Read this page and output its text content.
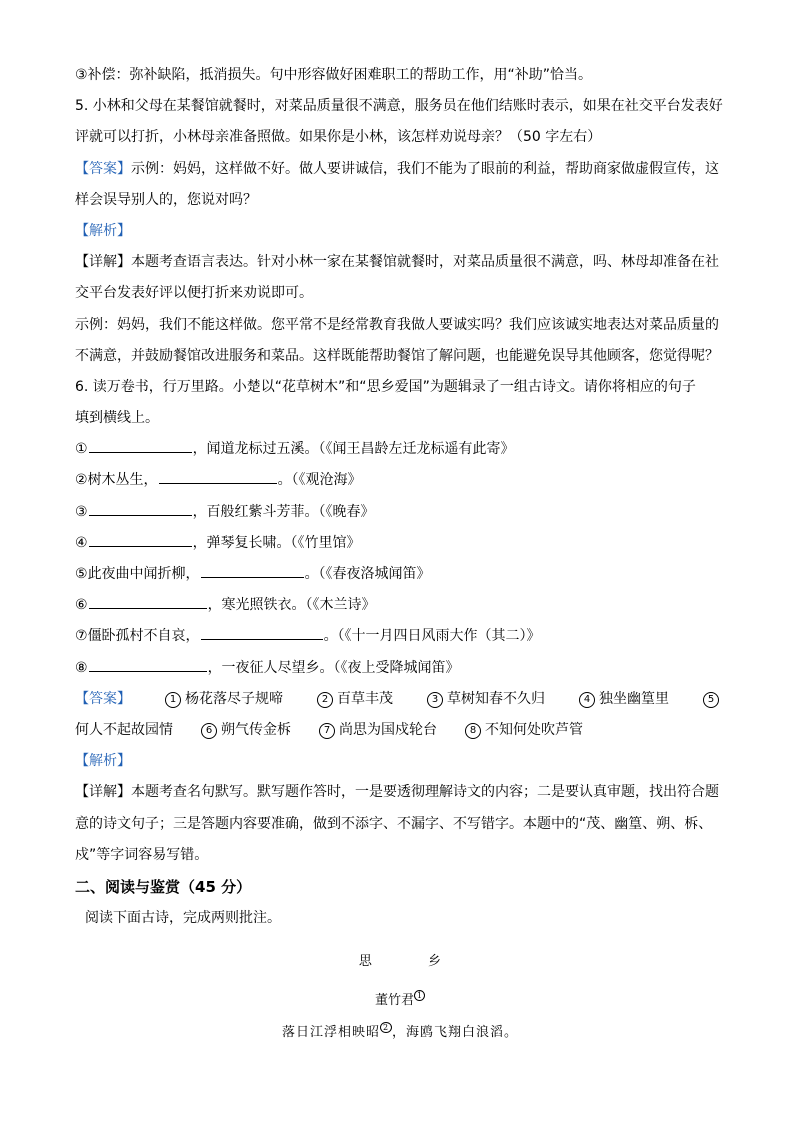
③补偿：弥补缺陷，抵消损失。句中形容做好困难职工的帮助工作，用“补助”恰当。
5. 小林和父母在某餐馆就餐时，对菜品质量很不满意，服务员在他们结账时表示，如果在社交平台发表好
评就可以打折，小林母亲准备照做。如果你是小林，该怎样劝说母亲？（50 字左右）
【答案】示例：妈妈，这样做不好。做人要讲诚信，我们不能为了眼前的利益，帮助商家做虚假宣传，这
样会误导别人的，您说对吗？
【解析】
【详解】本题考查语言表达。针对小林一家在某餐馆就餐时，对菜品质量很不满意，吗、林母却准备在社
交平台发表好评以便打折来劝说即可。
示例：妈妈，我们不能这样做。您平常不是经常教育我做人要诚实吗？我们应该诚实地表达对菜品质量的
不满意，并鼓励餐馆改进服务和菜品。这样既能帮助餐馆了解问题，也能避免误导其他顾客，您觉得呢？
6. 读万卷书，行万里路。小楚以“花草树木”和“思乡爱国”为题辑录了一组古诗文。请你将相应的句子
填到横线上。
①	，闻道龙标过五溪。（《闻王昌龄左迁龙标遥有此寄》
②树木丛生，	。（《观沧海》
③	，百般红紫斗芳菲。（《晚春》
④	，弹琴复长啸。（《竹里馆》
⑤此夜曲中闻折柳，	。（《春夜洛城闻笛》
⑥	，寒光照铁衣。（《木兰诗》
⑦僵卧孤村不自哀，	。（《十一月四日风雨大作（其二）》
⑧	，一夜征人尽望乡。（《夜上受降城闻笛》
【答案】	1 杨花落尽子规啼	2 百草丰茂	3 草树知春不久归	4 独坐幽篁里	5
何人不起故园情	6 朔气传金柝	7 尚思为国戍轮台	8 不知何处吹芦管
【解析】
【详解】本题考查名句默写。默写题作答时，一是要透彻理解诗文的内容；二是要认真审题，找出符合题
意的诗文句子；三是答题内容要准确，做到不添字、不漏字、不写错字。本题中的“茂、幽篁、朔、柝、
戍”等字词容易写错。
二、阅读与鉴赏（45 分）
阅读下面古诗，完成两则批注。
思 乡
董竹君 $^1$
落日江浮相映昭 $^2$ ，海鸥飞翔白浪滔。
